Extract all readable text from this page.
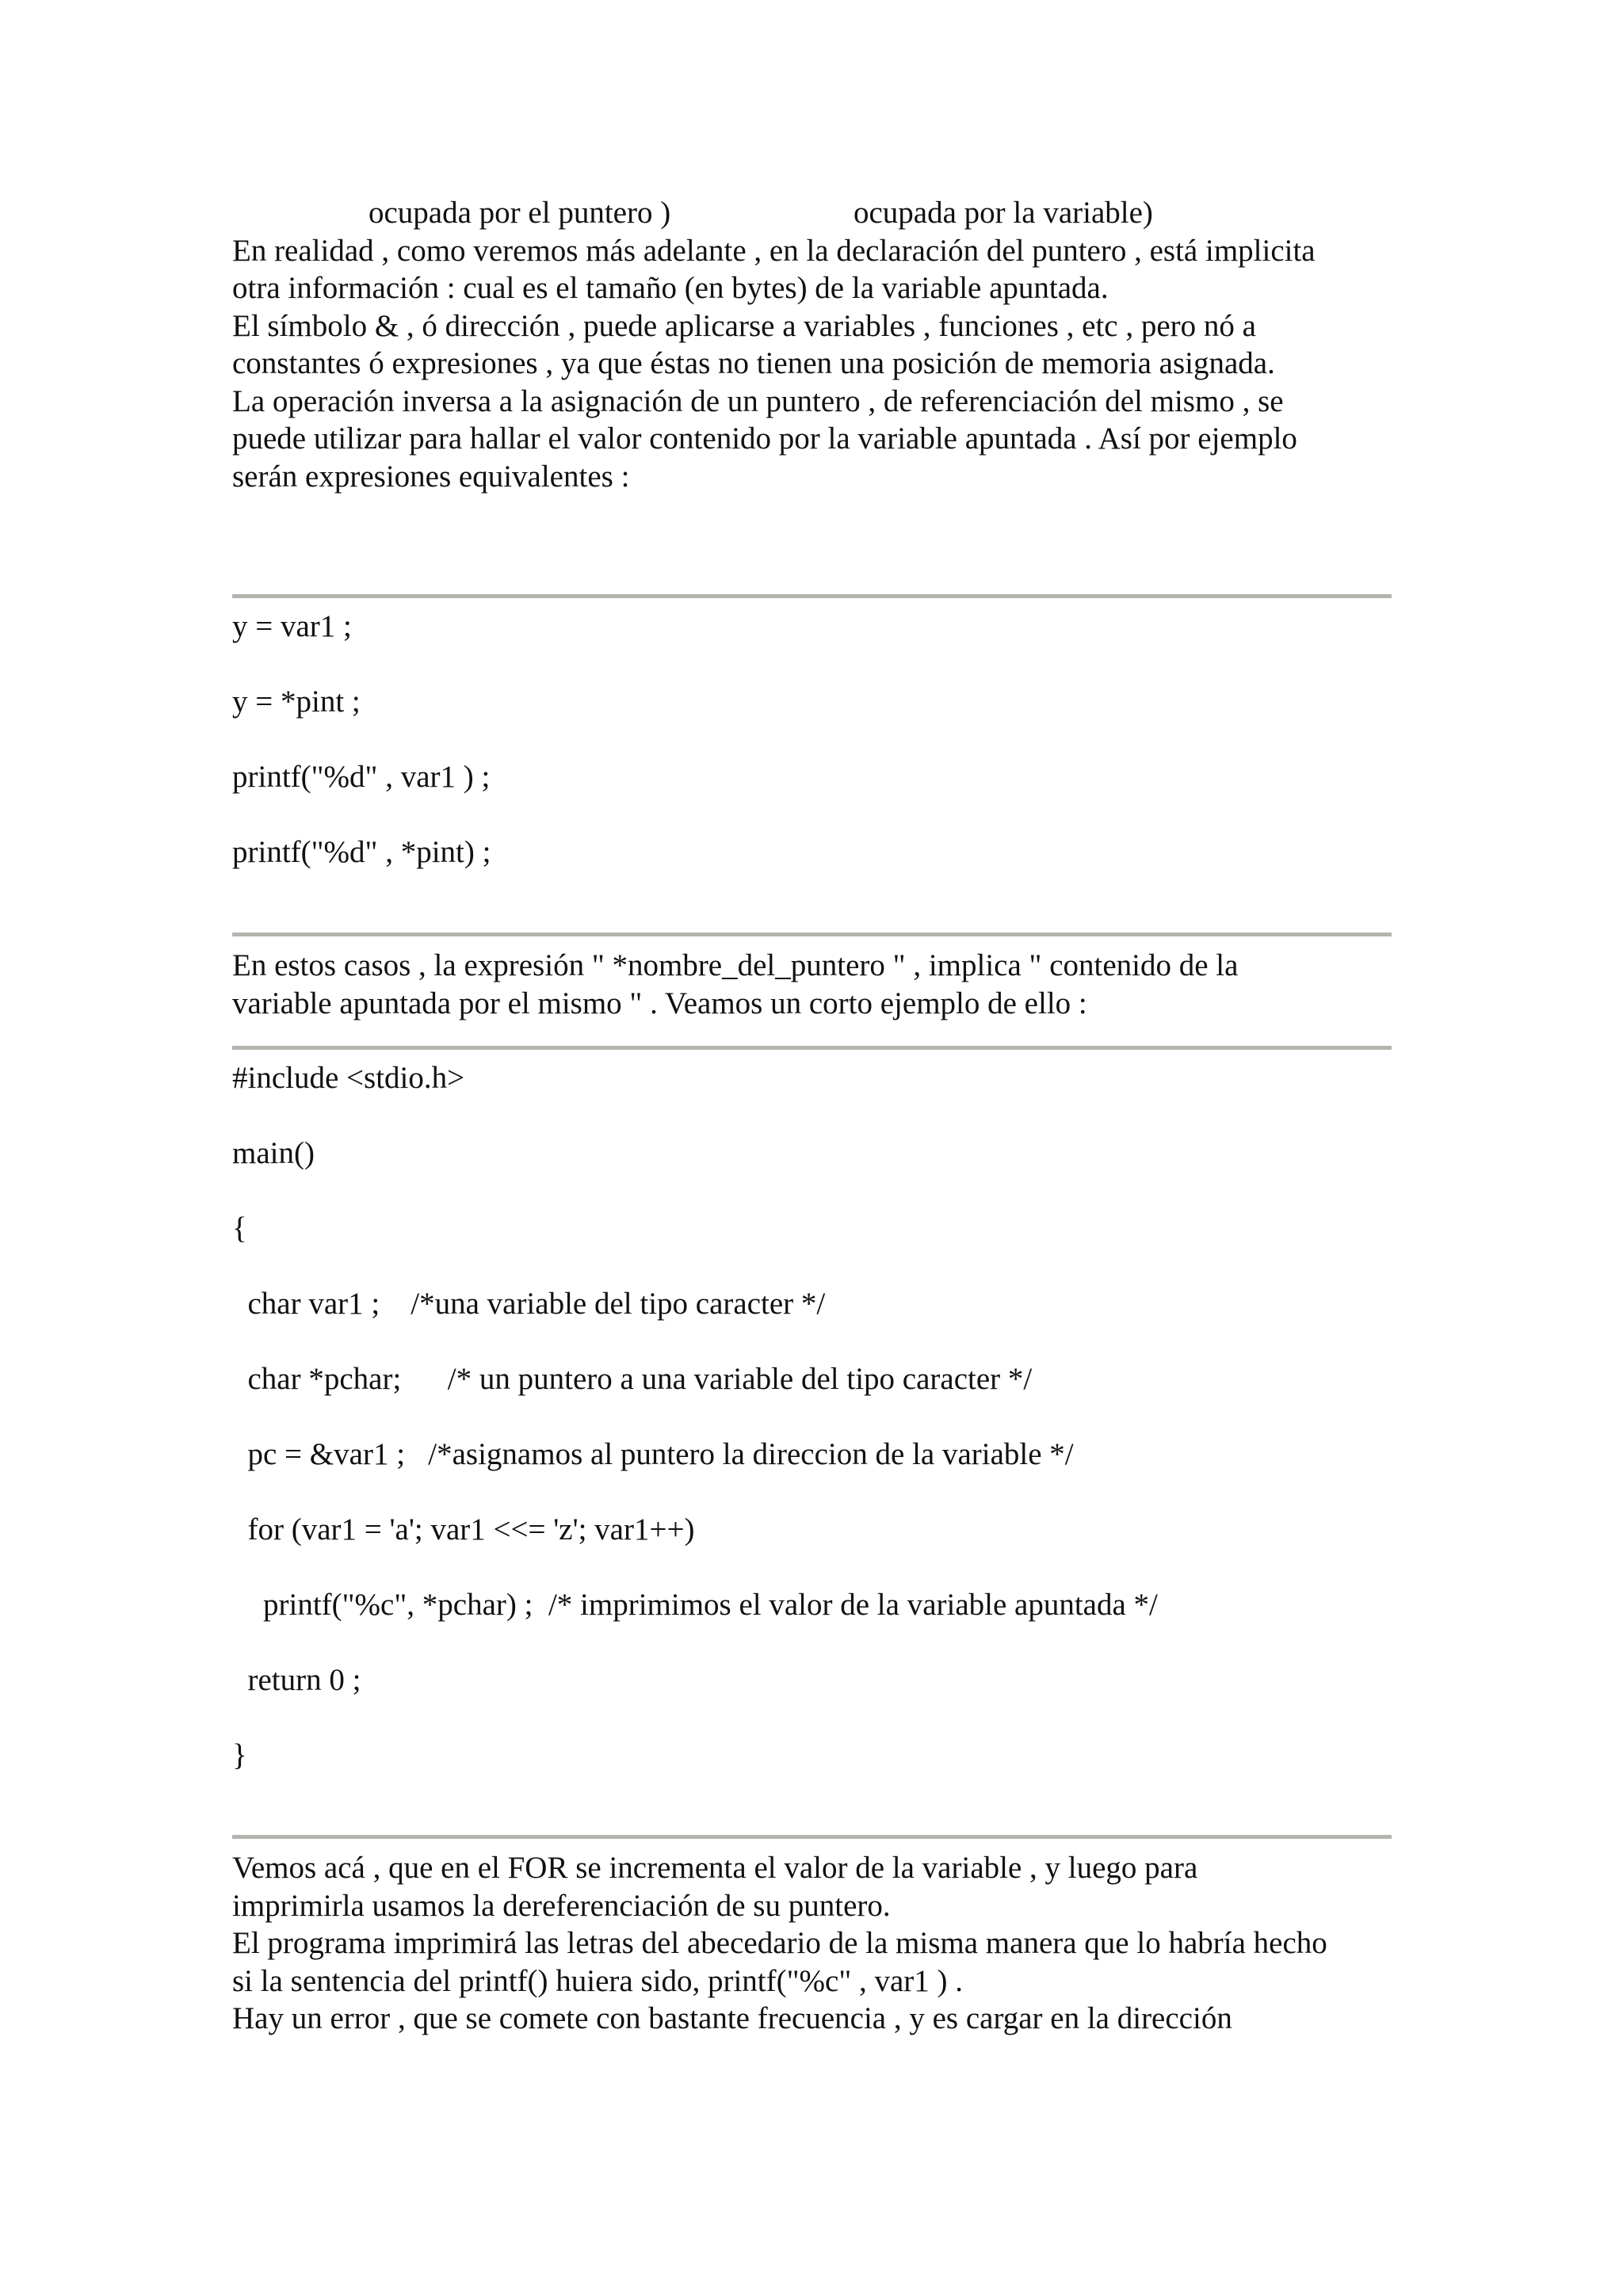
ocupada por el puntero )	ocupada por la variable)
En realidad , como veremos más adelante , en la declaración del puntero , está implicita
otra información : cual es el tamaño (en bytes) de la variable apuntada.
El símbolo & , ó dirección , puede aplicarse a variables , funciones , etc , pero nó a
constantes ó expresiones , ya que éstas no tienen una posición de memoria asignada.
La operación inversa a la asignación de un puntero , de referenciación del mismo , se
puede utilizar para hallar el valor contenido por la variable apuntada . Así por ejemplo
serán expresiones equivalentes :
y = var1 ;
y = *pint ;
printf("%d" , var1 ) ;
printf("%d" , *pint) ;
En estos casos , la expresión " *nombre_del_puntero " , implica " contenido de la
variable apuntada por el mismo " . Veamos un corto ejemplo de ello :
#include <stdio.h>
main()
{
char var1 ;    /*una variable del tipo caracter */
char *pchar;      /* un puntero a una variable del tipo caracter */
pc = &var1 ;   /*asignamos al puntero la direccion de la variable */
for (var1 = 'a'; var1 <<= 'z'; var1++)
printf("%c", *pchar) ;  /* imprimimos el valor de la variable apuntada */
return 0 ;
}
Vemos acá , que en el FOR se incrementa el valor de la variable , y luego para
imprimirla usamos la dereferenciación de su puntero.
El programa imprimirá las letras del abecedario de la misma manera que lo habría hecho
si la sentencia del printf() huiera sido, printf("%c" , var1 ) .
Hay un error , que se comete con bastante frecuencia , y es cargar en la dirección
